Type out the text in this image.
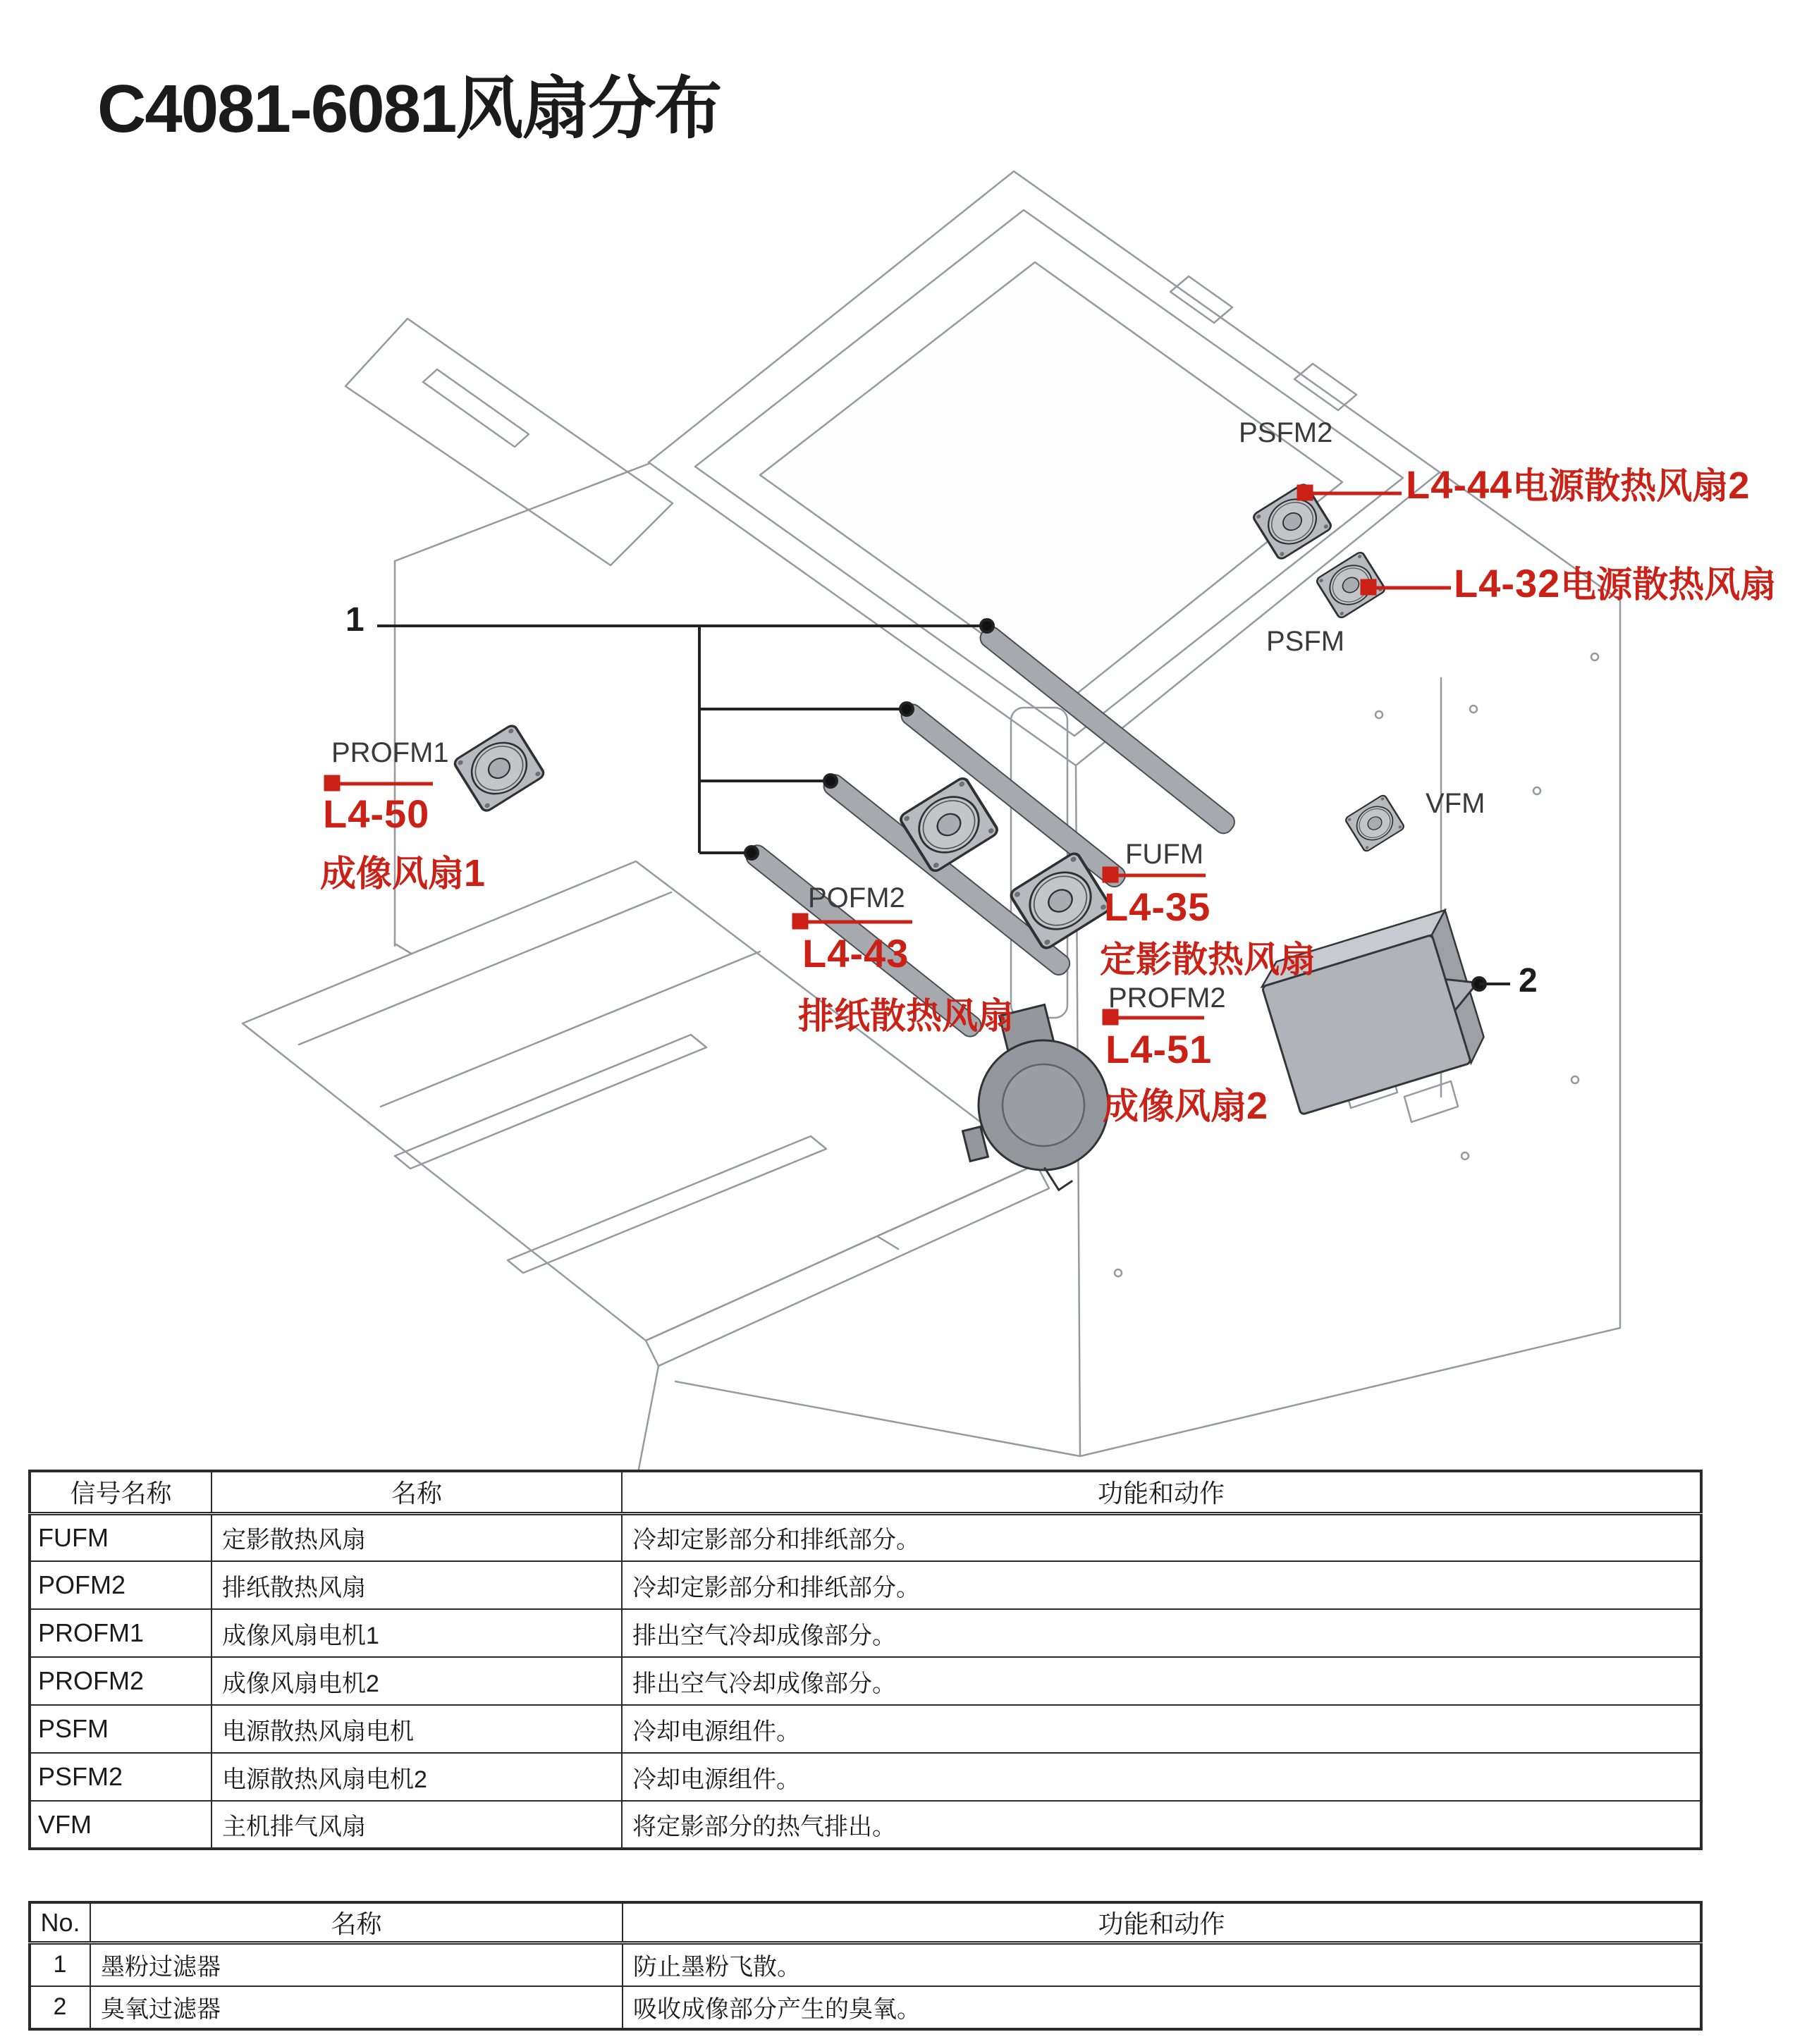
C4081-6081风扇分布
PSFM2
PSFM
VFM
PROFM1
POFM2
FUFM
PROFM2
1
2
L4-44电源散热风扇2
L4-32电源散热风扇
L4-50
成像风扇1
L4-43
排纸散热风扇
L4-35
定影散热风扇
L4-51
成像风扇2
信号名称	名称	功能和动作
FUFM	定影散热风扇	冷却定影部分和排纸部分。
POFM2	排纸散热风扇	冷却定影部分和排纸部分。
PROFM1	成像风扇电机1	排出空气冷却成像部分。
PROFM2	成像风扇电机2	排出空气冷却成像部分。
PSFM	电源散热风扇电机	冷却电源组件。
PSFM2	电源散热风扇电机2	冷却电源组件。
VFM	主机排气风扇	将定影部分的热气排出。
No.	名称	功能和动作
1	墨粉过滤器	防止墨粉飞散。
2	臭氧过滤器	吸收成像部分产生的臭氧。
